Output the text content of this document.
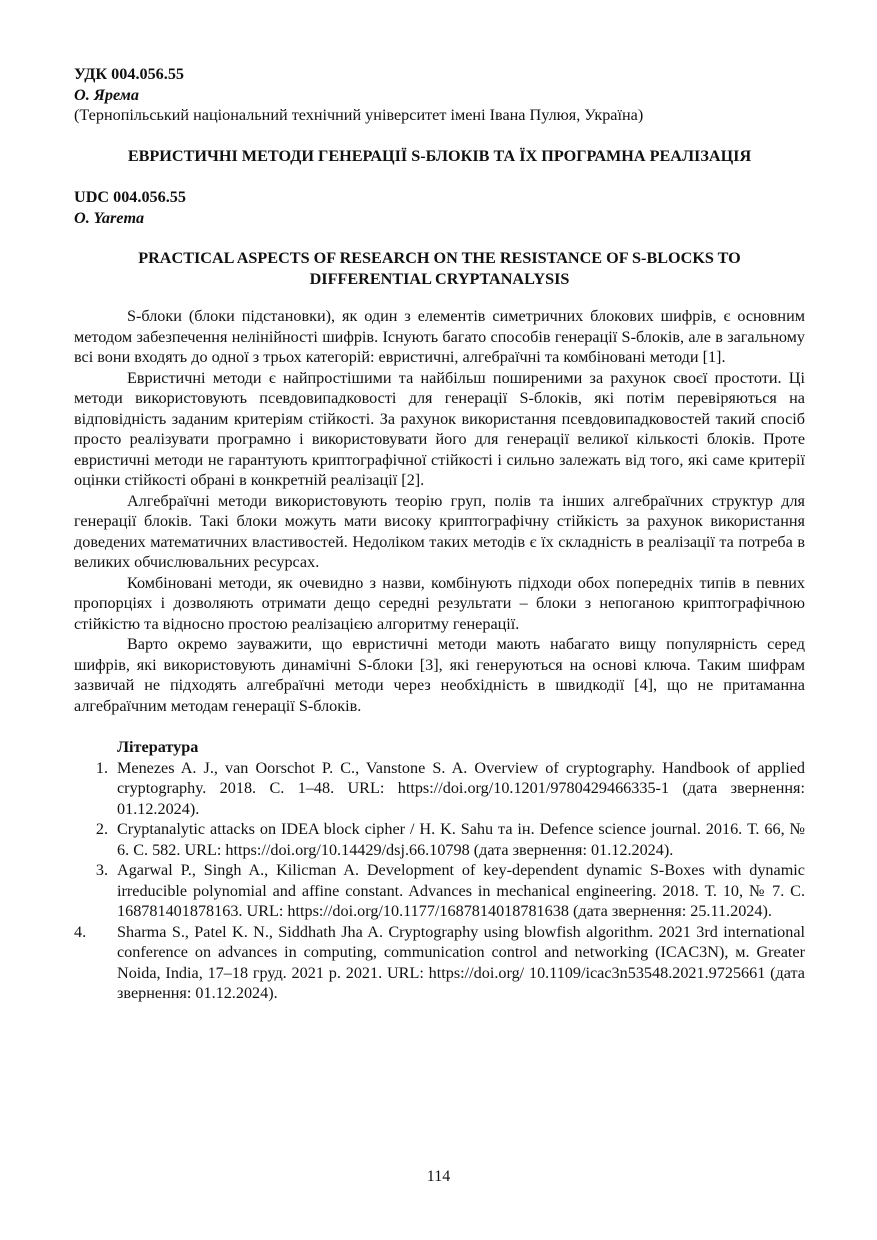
УДК 004.056.55

О. Ярема

(Тернопільський національний технічний університет імені Івана Пулюя, Україна)

ЕВРИСТИЧНІ МЕТОДИ ГЕНЕРАЦІЇ S-БЛОКІВ ТА ЇХ ПРОГРАМНА РЕАЛІЗАЦІЯ

UDC 004.056.55

O. Yarema

PRACTICAL ASPECTS OF RESEARCH ON THE RESISTANCE OF S-BLOCKS TO DIFFERENTIAL CRYPTANALYSIS

S-блоки (блоки підстановки), як один з елементів симетричних блокових шифрів, є основним методом забезпечення нелінійності шифрів. Існують багато способів генерації S-блоків, але в загальному всі вони входять до одної з трьох категорій: евристичні, алгебраїчні та комбіновані методи [1].

Евристичні методи є найпростішими та найбільш поширеними за рахунок своєї простоти. Ці методи використовують псевдовипадковості для генерації S-блоків, які потім перевіряються на відповідність заданим критеріям стійкості. За рахунок використання псевдовипадковостей такий спосіб просто реалізувати програмно і використовувати його для генерації великої кількості блоків. Проте евристичні методи не гарантують криптографічної стійкості і сильно залежать від того, які саме критерії оцінки стійкості обрані в конкретній реалізації [2].

Алгебраїчні методи використовують теорію груп, полів та інших алгебраїчних структур для генерації блоків. Такі блоки можуть мати високу криптографічну стійкість за рахунок використання доведених математичних властивостей. Недоліком таких методів є їх складність в реалізації та потреба в великих обчислювальних ресурсах.

Комбіновані методи, як очевидно з назви, комбінують підходи обох попередніх типів в певних пропорціях і дозволяють отримати дещо середні результати – блоки з непоганою криптографічною стійкістю та відносно простою реалізацією алгоритму генерації.

Варто окремо зауважити, що евристичні методи мають набагато вищу популярність серед шифрів, які використовують динамічні S-блоки [3], які генеруються на основі ключа. Таким шифрам зазвичай не підходять алгебраїчні методи через необхідність в швидкодії [4], що не притаманна алгебраїчним методам генерації S-блоків.

Література

1. Menezes A. J., van Oorschot P. C., Vanstone S. A. Overview of cryptography. Handbook of applied cryptography. 2018. С. 1–48. URL: https://doi.org/10.1201/9780429466335-1 (дата звернення: 01.12.2024).
2. Cryptanalytic attacks on IDEA block cipher / H. K. Sahu та ін. Defence science journal. 2016. Т. 66, № 6. С. 582. URL: https://doi.org/10.14429/dsj.66.10798 (дата звернення: 01.12.2024).
3. Agarwal P., Singh A., Kilicman A. Development of key-dependent dynamic S-Boxes with dynamic irreducible polynomial and affine constant. Advances in mechanical engineering. 2018. Т. 10, № 7. С. 168781401878163. URL: https://doi.org/10.1177/1687814018781638 (дата звернення: 25.11.2024).
4.	Sharma S., Patel K. N., Siddhath Jha A. Cryptography using blowfish algorithm. 2021 3rd international conference on advances in computing, communication control and networking (ICAC3N), м. Greater Noida, India, 17–18 груд. 2021 р. 2021. URL: https://doi.org/ 10.1109/icac3n53548.2021.9725661 (дата звернення: 01.12.2024).
114
